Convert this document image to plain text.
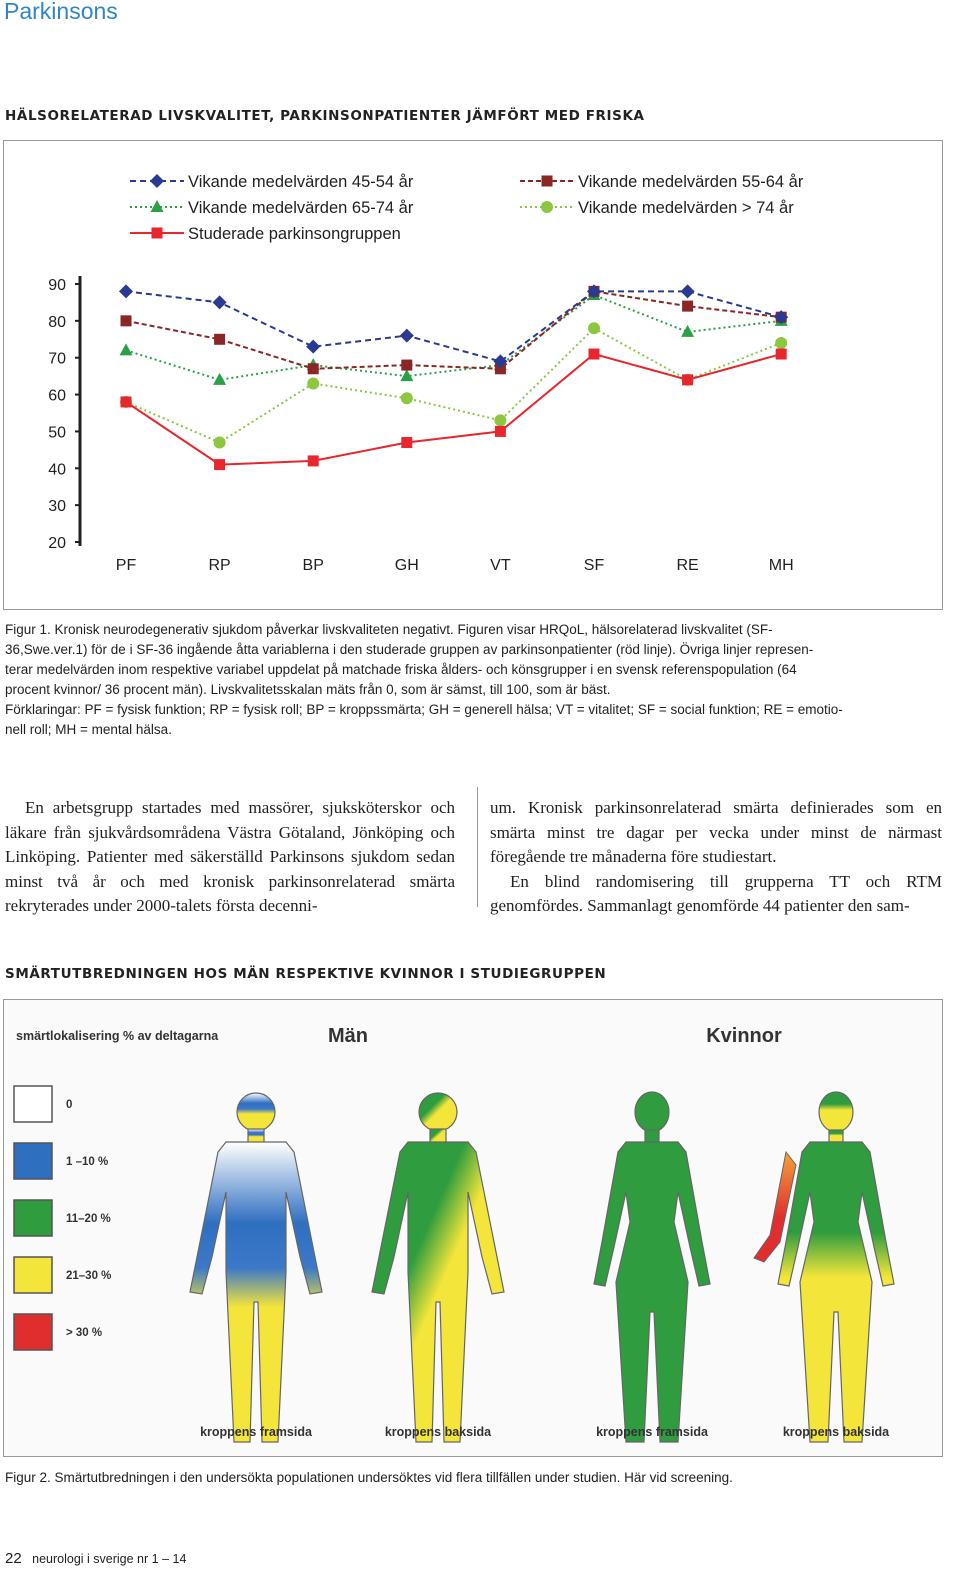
Parkinsons
HÄLSORELATERAD LIVSKVALITET, PARKINSONPATIENTER JÄMFÖRT MED FRISKA
20
30
40
50
60
70
80
90
PF	RP	BP	GH	VT	SF	RE	MH
Vikande medelvärden 45-54 år	Vikande medelvärden 55-64 år
Vikande medelvärden 65-74 år	Vikande medelvärden > 74 år
Studerade parkinsongruppen

Figur 1. Kronisk neurodegenerativ sjukdom påverkar livskvaliteten negativt. Figuren visar HRQoL, hälsorelaterad livskvalitet (SF-

36,Swe.ver.1) för de i SF-36 ingående åtta variablerna i den studerade gruppen av parkinsonpatienter (röd linje). Övriga linjer represen-

terar medelvärden inom respektive variabel uppdelat på matchade friska ålders- och könsgrupper i en svensk referenspopulation (64

procent kvinnor/ 36 procent män). Livskvalitetsskalan mäts från 0, som är sämst, till 100, som är bäst.

Förklaringar: PF = fysisk funktion; RP = fysisk roll; BP = kroppssmärta; GH = generell hälsa; VT = vitalitet; SF = social funktion; RE = emotio-

nell roll; MH = mental hälsa.

En arbetsgrupp startades med massörer, sjuksköterskor och läkare från sjukvårdsområdena Västra Götaland, Jönköping och Linköping. Patienter med säkerställd Parkinsons sjukdom sedan minst två år och med kronisk parkinsonrelaterad smärta rekryterades under 2000-talets första decenni-

um. Kronisk parkinsonrelaterad smärta definierades som en smärta minst tre dagar per vecka under minst de närmast föregående tre månaderna före studiestart.

En blind randomisering till grupperna TT och RTM genomfördes. Sammanlagt genomförde 44 patienter den sam-

SMÄRTUTBREDNINGEN HOS MÄN RESPEKTIVE KVINNOR I STUDIEGRUPPEN
smärtlokalisering % av deltagarna
0
1 –10 %
11–20 %
21–30 %
> 30 %
Män	Kvinnor
kroppens framsida	kroppens baksida	kroppens framsida	kroppens baksida

Figur 2. Smärtutbredningen i den undersökta populationen undersöktes vid flera tillfällen under studien. Här vid screening.

22 neurologi i sverige nr 1 – 14
